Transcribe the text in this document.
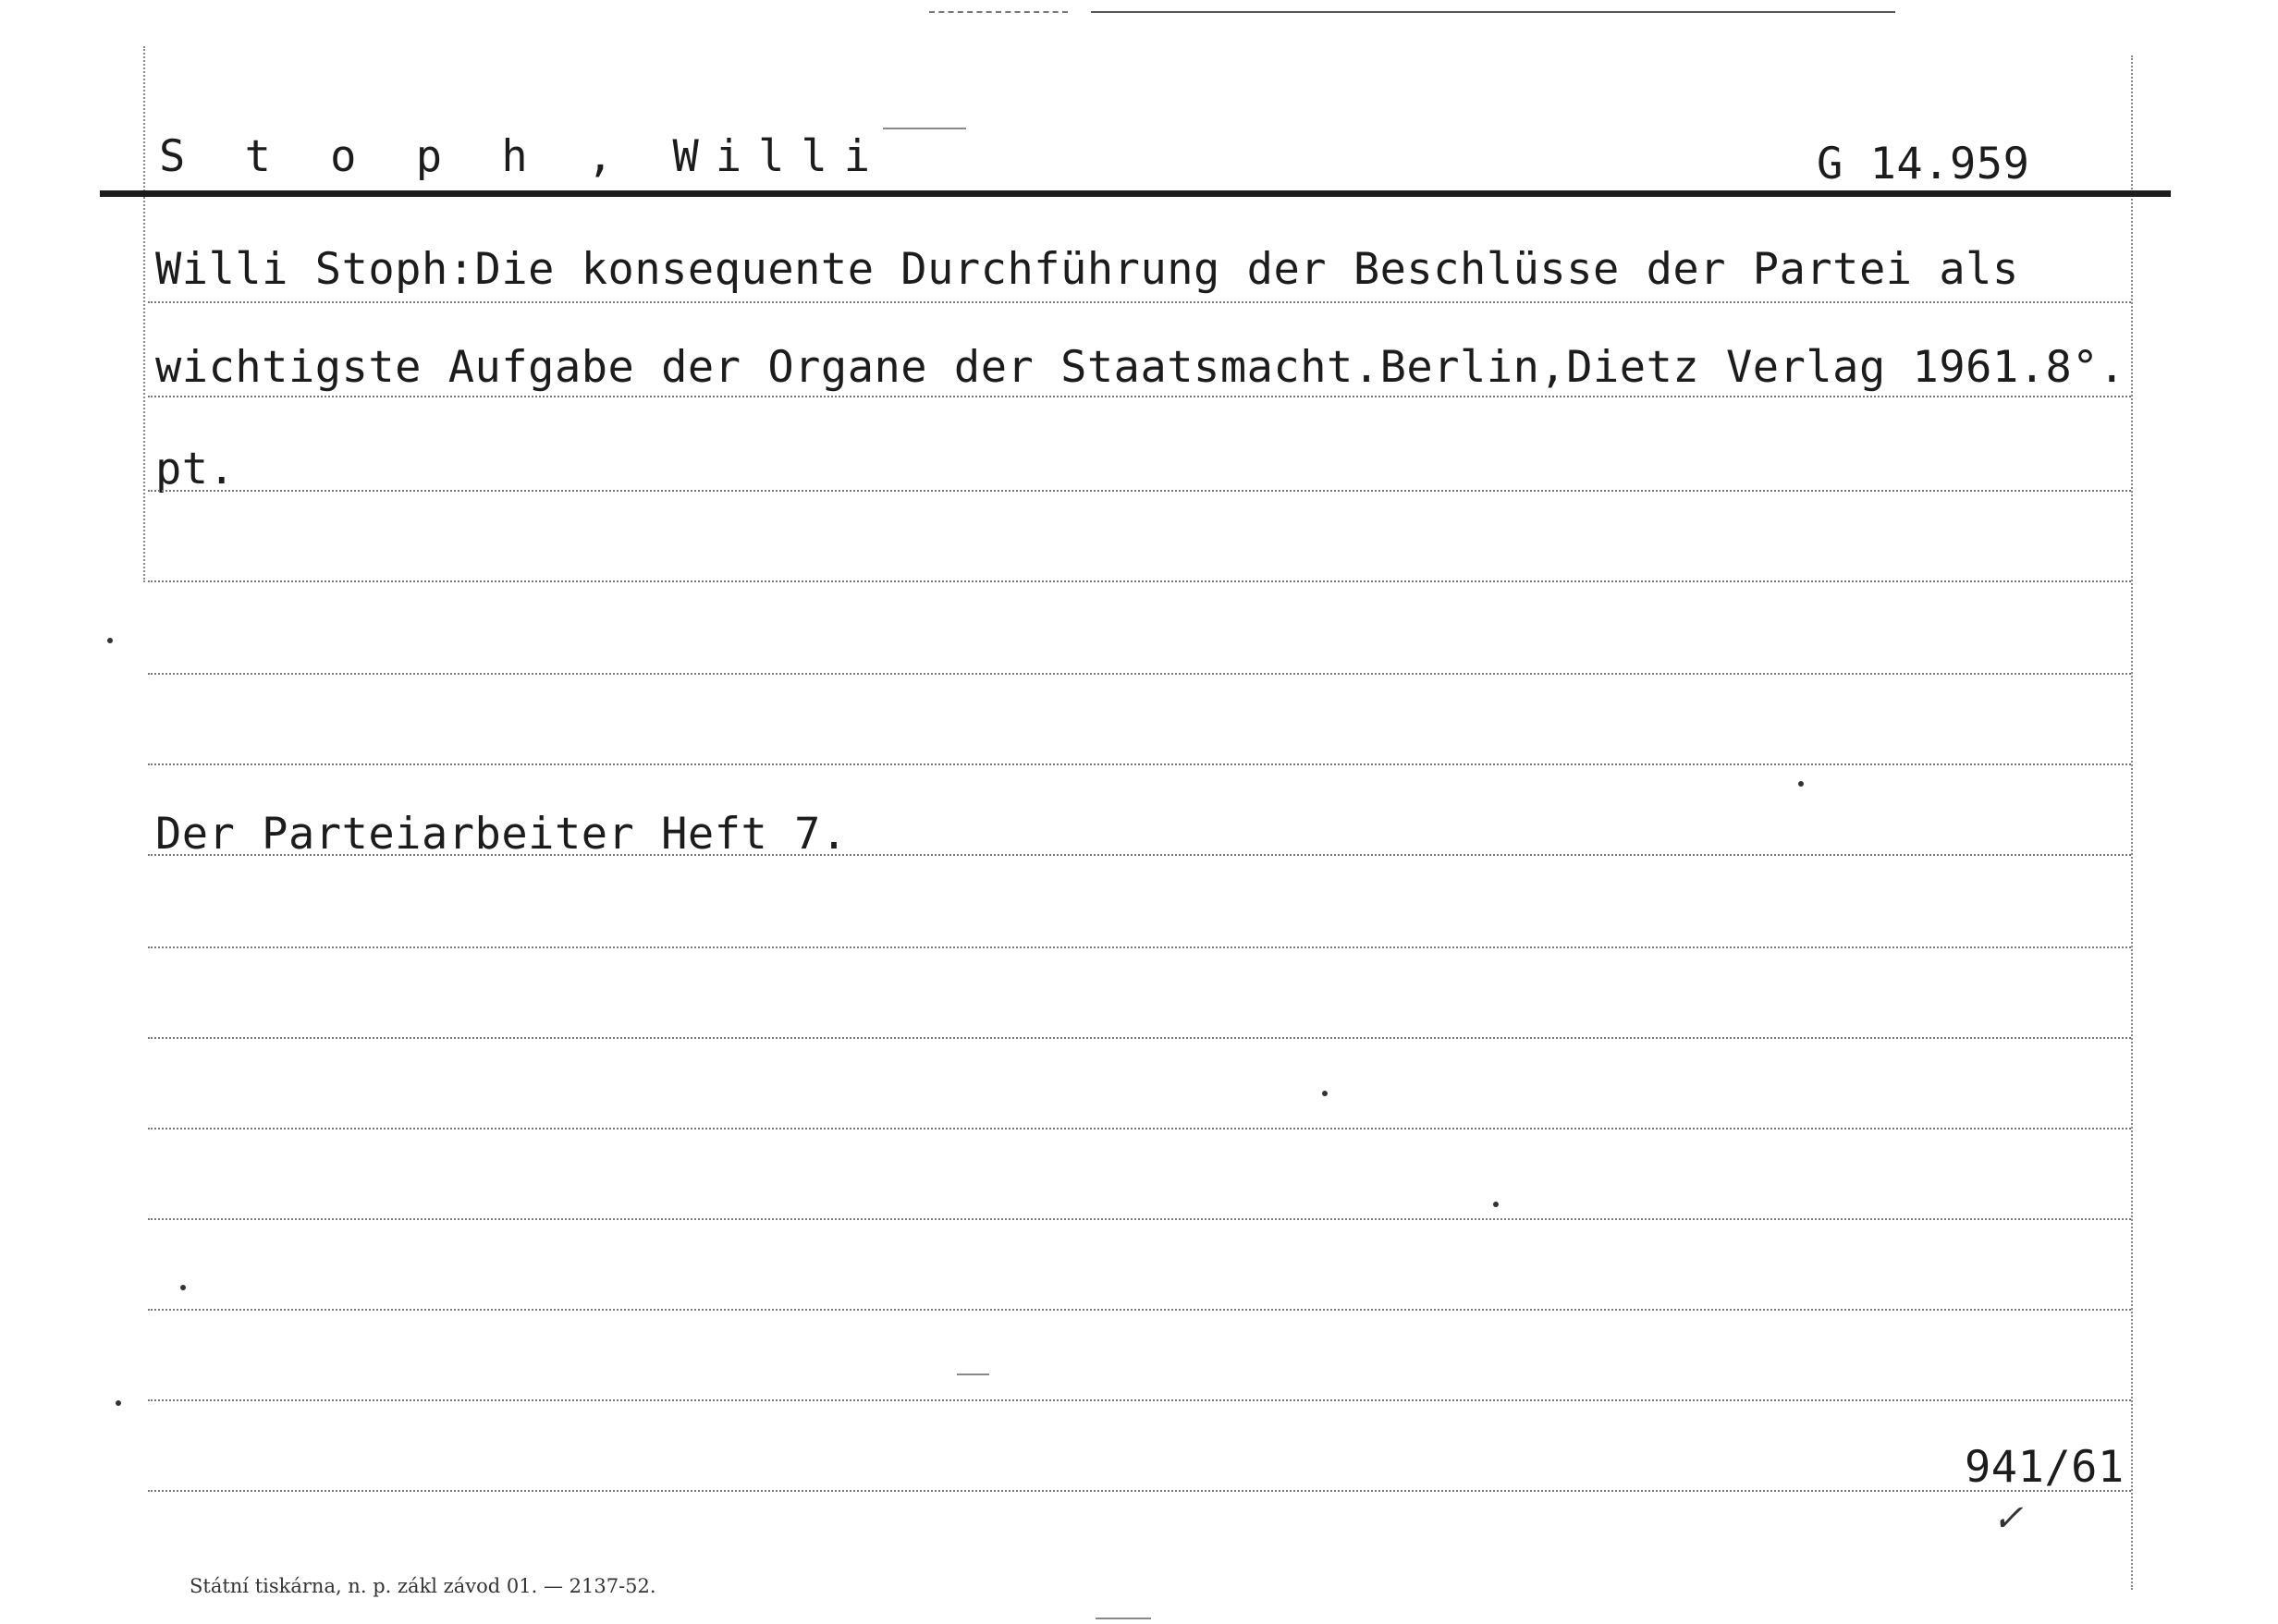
S t o p h , Willi	G 14.959
Willi Stoph:Die konsequente Durchführung der Beschlüsse der Partei als
wichtigste Aufgabe der Organe der Staatsmacht.Berlin,Dietz Verlag 1961.8°.
pt.
Der Parteiarbeiter Heft 7.
941/61
✓
Státní tiskárna, n. p. zákl závod 01. — 2137-52.
